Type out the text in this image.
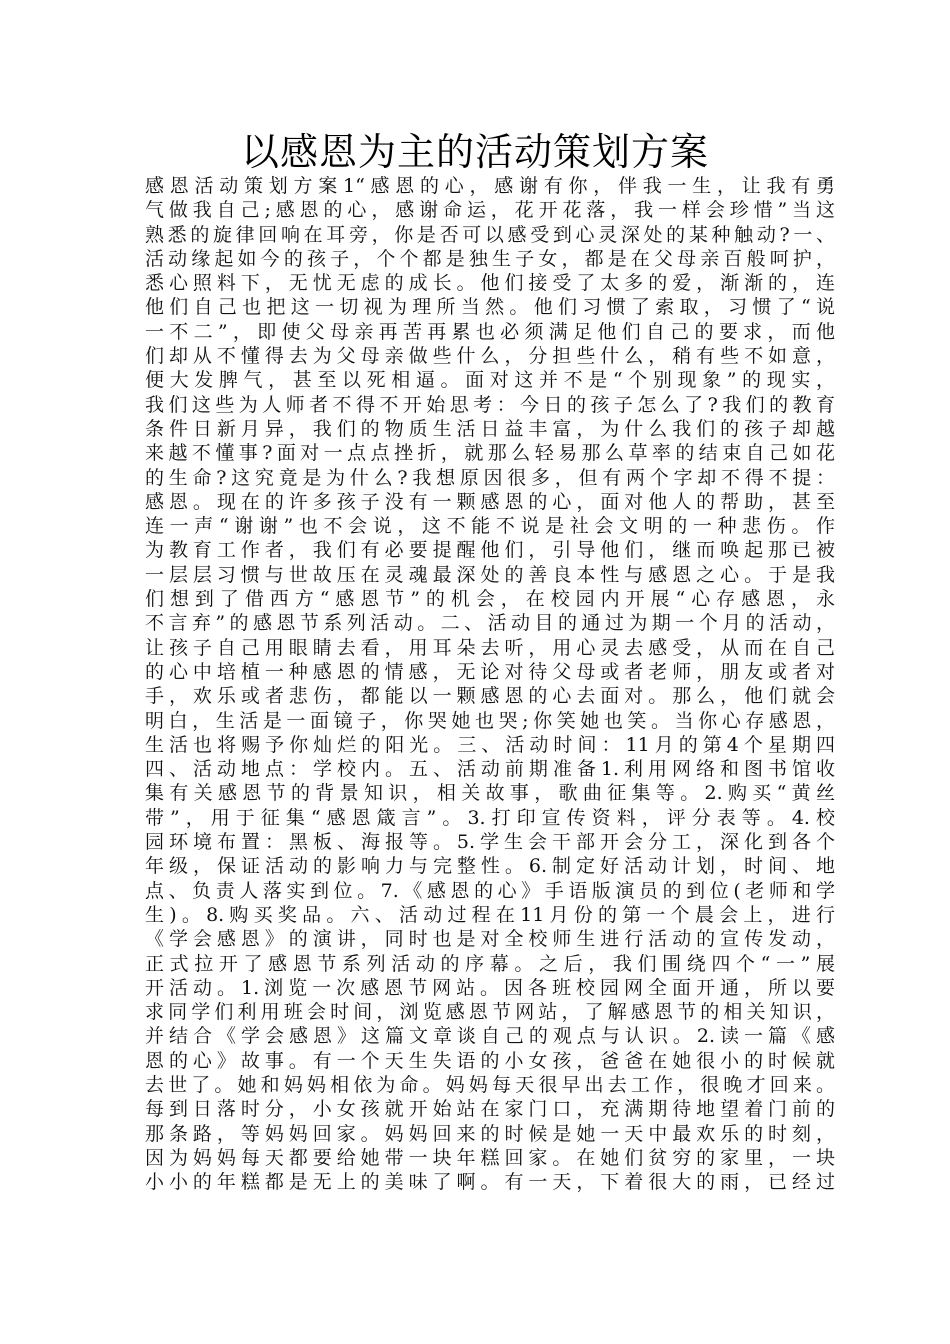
以感恩为主的活动策划方案
感恩活动策划方案1“感恩的心，感谢有你，伴我一生，让我有勇
气做我自己;感恩的心，感谢命运，花开花落，我一样会珍惜”当这
熟悉的旋律回响在耳旁，你是否可以感受到心灵深处的某种触动?一、
活动缘起如今的孩子，个个都是独生子女，都是在父母亲百般呵护，
悉心照料下，无忧无虑的成长。他们接受了太多的爱，渐渐的，连
他们自己也把这一切视为理所当然。他们习惯了索取，习惯了“说
一不二”，即使父母亲再苦再累也必须满足他们自己的要求，而他
们却从不懂得去为父母亲做些什么，分担些什么，稍有些不如意，
便大发脾气，甚至以死相逼。面对这并不是“个别现象”的现实，
我们这些为人师者不得不开始思考：今日的孩子怎么了?我们的教育
条件日新月异，我们的物质生活日益丰富，为什么我们的孩子却越
来越不懂事?面对一点点挫折，就那么轻易那么草率的结束自己如花
的生命?这究竟是为什么?我想原因很多，但有两个字却不得不提：
感恩。现在的许多孩子没有一颗感恩的心，面对他人的帮助，甚至
连一声“谢谢”也不会说，这不能不说是社会文明的一种悲伤。作
为教育工作者，我们有必要提醒他们，引导他们，继而唤起那已被
一层层习惯与世故压在灵魂最深处的善良本性与感恩之心。于是我
们想到了借西方“感恩节”的机会，在校园内开展“心存感恩，永
不言弃”的感恩节系列活动。二、活动目的通过为期一个月的活动，
让孩子自己用眼睛去看，用耳朵去听，用心灵去感受，从而在自己
的心中培植一种感恩的情感，无论对待父母或者老师，朋友或者对
手，欢乐或者悲伤，都能以一颗感恩的心去面对。那么，他们就会
明白，生活是一面镜子，你哭她也哭;你笑她也笑。当你心存感恩，
生活也将赐予你灿烂的阳光。三、活动时间：11月的第4个星期四
四、活动地点：学校内。五、活动前期准备1.利用网络和图书馆收
集有关感恩节的背景知识，相关故事，歌曲征集等。2.购买“黄丝
带”，用于征集“感恩箴言”。3.打印宣传资料，评分表等。4.校
园环境布置：黑板、海报等。5.学生会干部开会分工，深化到各个
年级，保证活动的影响力与完整性。6.制定好活动计划，时间、地
点、负责人落实到位。7.《感恩的心》手语版演员的到位(老师和学
生)。8.购买奖品。六、活动过程在11月份的第一个晨会上，进行
《学会感恩》的演讲，同时也是对全校师生进行活动的宣传发动，
正式拉开了感恩节系列活动的序幕。之后，我们围绕四个“一”展
开活动。1.浏览一次感恩节网站。因各班校园网全面开通，所以要
求同学们利用班会时间，浏览感恩节网站，了解感恩节的相关知识，
并结合《学会感恩》这篇文章谈自己的观点与认识。2.读一篇《感
恩的心》故事。有一个天生失语的小女孩，爸爸在她很小的时候就
去世了。她和妈妈相依为命。妈妈每天很早出去工作，很晚才回来。
每到日落时分，小女孩就开始站在家门口，充满期待地望着门前的
那条路，等妈妈回家。妈妈回来的时候是她一天中最欢乐的时刻，
因为妈妈每天都要给她带一块年糕回家。在她们贫穷的家里，一块
小小的年糕都是无上的美味了啊。有一天，下着很大的雨，已经过
